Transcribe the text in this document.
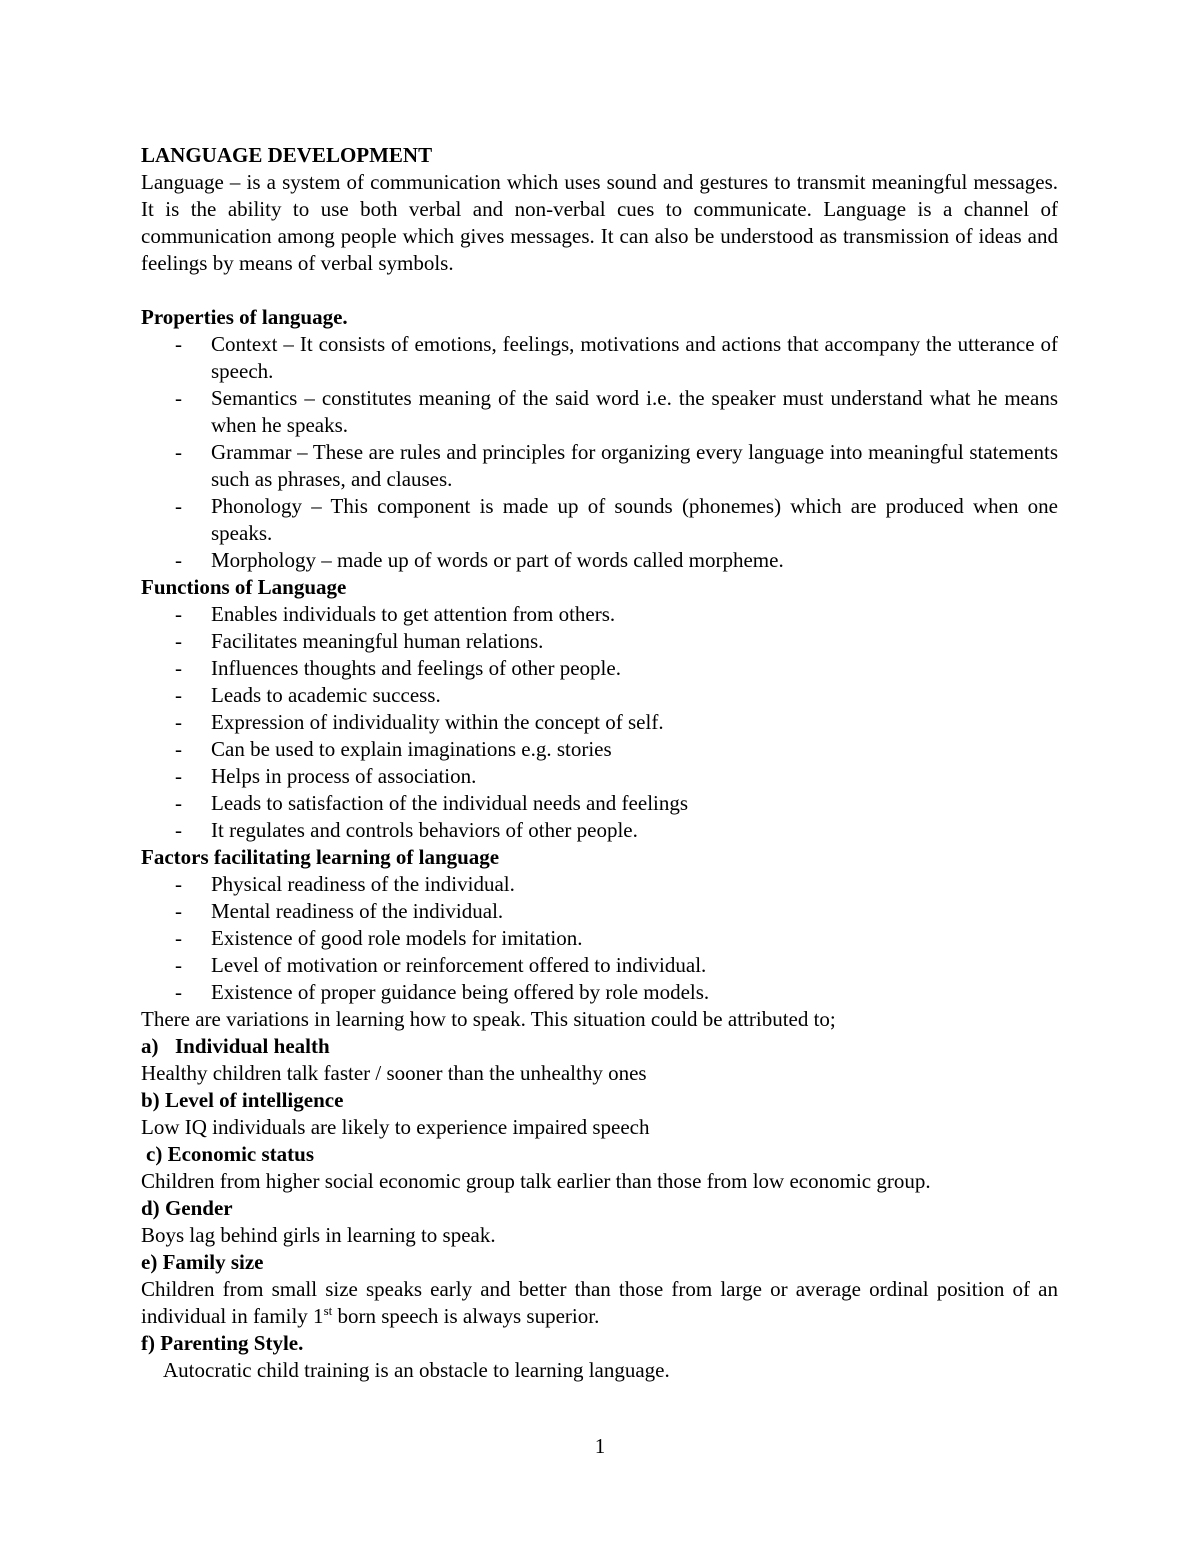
LANGUAGE DEVELOPMENT

Language – is a system of communication which uses sound and gestures to transmit meaningful messages. It is the ability to use both verbal and non-verbal cues to communicate. Language is a channel of communication among people which gives messages. It can also be understood as transmission of ideas and feelings by means of verbal symbols.

Properties of language.

- Context – It consists of emotions, feelings, motivations and actions that accompany the utterance of speech.
- Semantics – constitutes meaning of the said word i.e. the speaker must understand what he means when he speaks.
- Grammar – These are rules and principles for organizing every language into meaningful statements such as phrases, and clauses.
- Phonology – This component is made up of sounds (phonemes) which are produced when one speaks.
- Morphology – made up of words or part of words called morpheme.

Functions of Language

- Enables individuals to get attention from others.
- Facilitates meaningful human relations.
- Influences thoughts and feelings of other people.
- Leads to academic success.
- Expression of individuality within the concept of self.
- Can be used to explain imaginations e.g. stories
- Helps in process of association.
- Leads to satisfaction of the individual needs and feelings
- It regulates and controls behaviors of other people.

Factors facilitating learning of language

- Physical readiness of the individual.
- Mental readiness of the individual.
- Existence of good role models for imitation.
- Level of motivation or reinforcement offered to individual.
- Existence of proper guidance being offered by role models.

There are variations in learning how to speak. This situation could be attributed to;

a) Individual health

Healthy children talk faster / sooner than the unhealthy ones

b) Level of intelligence

Low IQ individuals are likely to experience impaired speech

c) Economic status

Children from higher social economic group talk earlier than those from low economic group.

d) Gender

Boys lag behind girls in learning to speak.

e) Family size

Children from small size speaks early and better than those from large or average ordinal position of an individual in family 1st born speech is always superior.

f) Parenting Style.

Autocratic child training is an obstacle to learning language.

1
